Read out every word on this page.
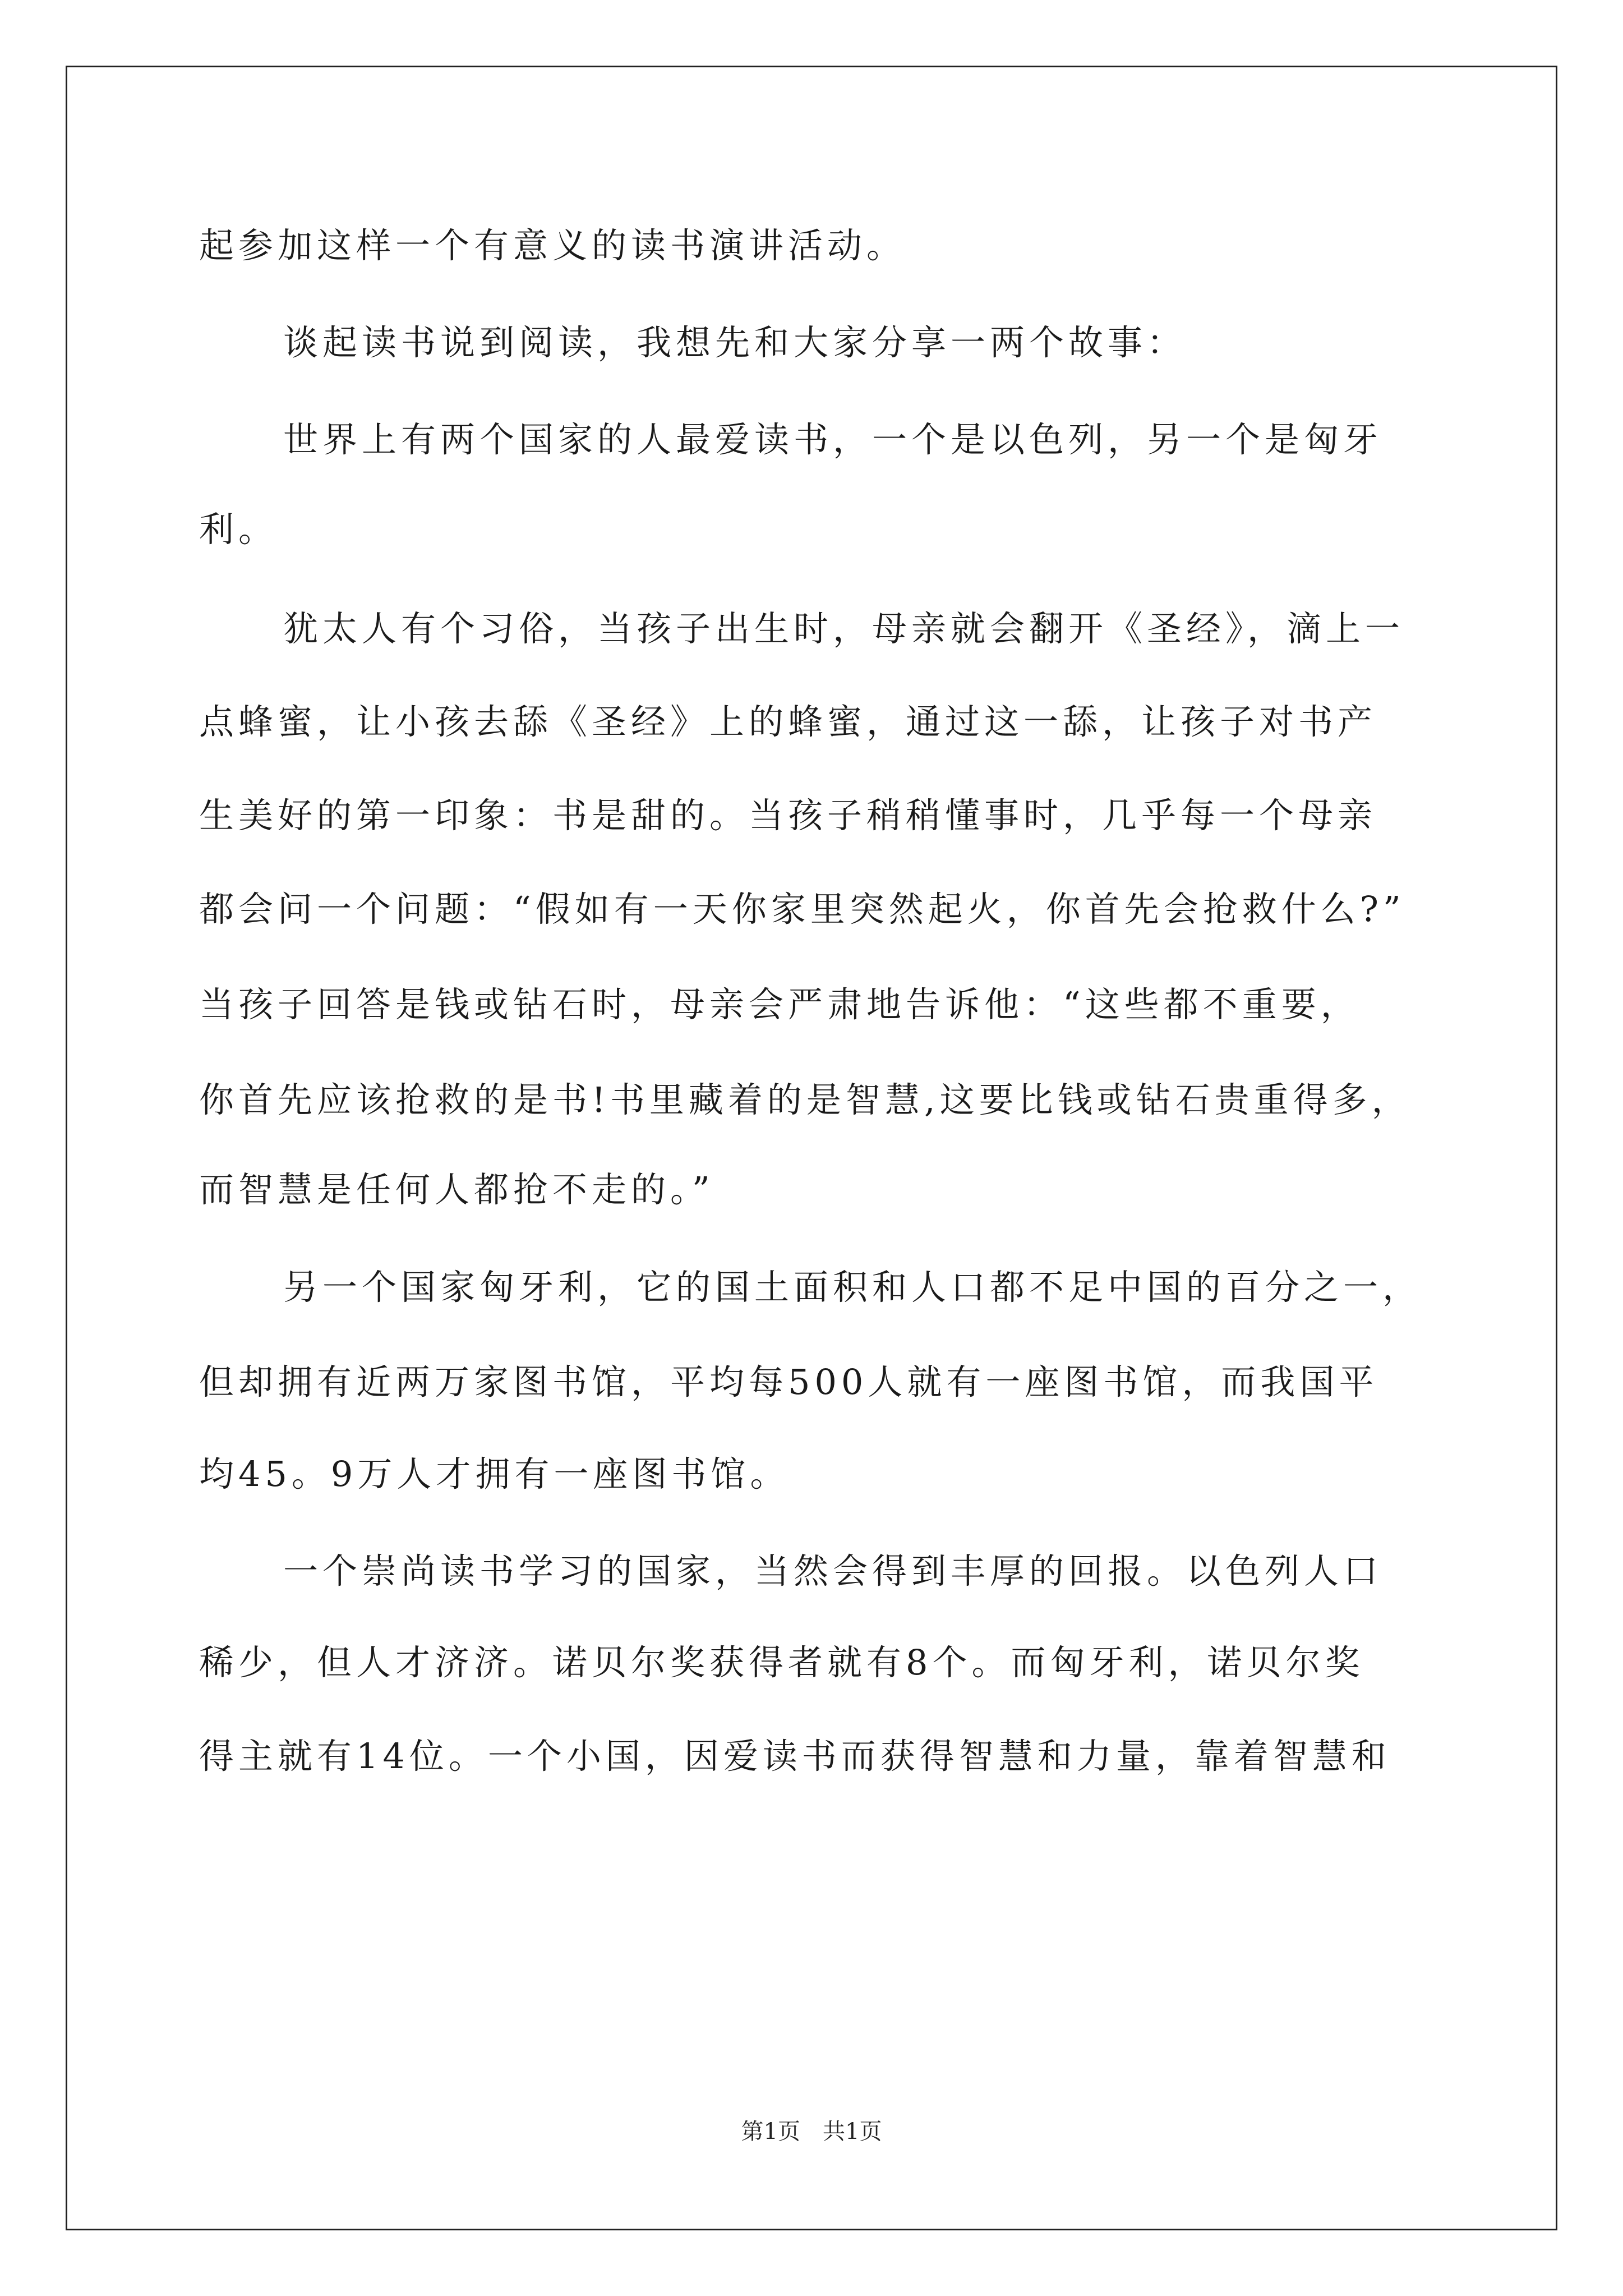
起参加这样一个有意义的读书演讲活动。
谈起读书说到阅读，我想先和大家分享一两个故事：
世界上有两个国家的人最爱读书，一个是以色列，另一个是匈牙
利。
犹太人有个习俗，当孩子出生时，母亲就会翻开《圣经》，滴上一
点蜂蜜，让小孩去舔《圣经》上的蜂蜜，通过这一舔，让孩子对书产
生美好的第一印象：书是甜的。当孩子稍稍懂事时，几乎每一个母亲
都会问一个问题：“假如有一天你家里突然起火，你首先会抢救什么?”
当孩子回答是钱或钻石时，母亲会严肃地告诉他：“这些都不重要，
你首先应该抢救的是书!书里藏着的是智慧,这要比钱或钻石贵重得多，
而智慧是任何人都抢不走的。”
另一个国家匈牙利，它的国土面积和人口都不足中国的百分之一，
但却拥有近两万家图书馆，平均每500人就有一座图书馆，而我国平
均45。9万人才拥有一座图书馆。
一个崇尚读书学习的国家，当然会得到丰厚的回报。以色列人口
稀少，但人才济济。诺贝尔奖获得者就有8个。而匈牙利，诺贝尔奖
得主就有14位。一个小国，因爱读书而获得智慧和力量，靠着智慧和
第1页 共1页
